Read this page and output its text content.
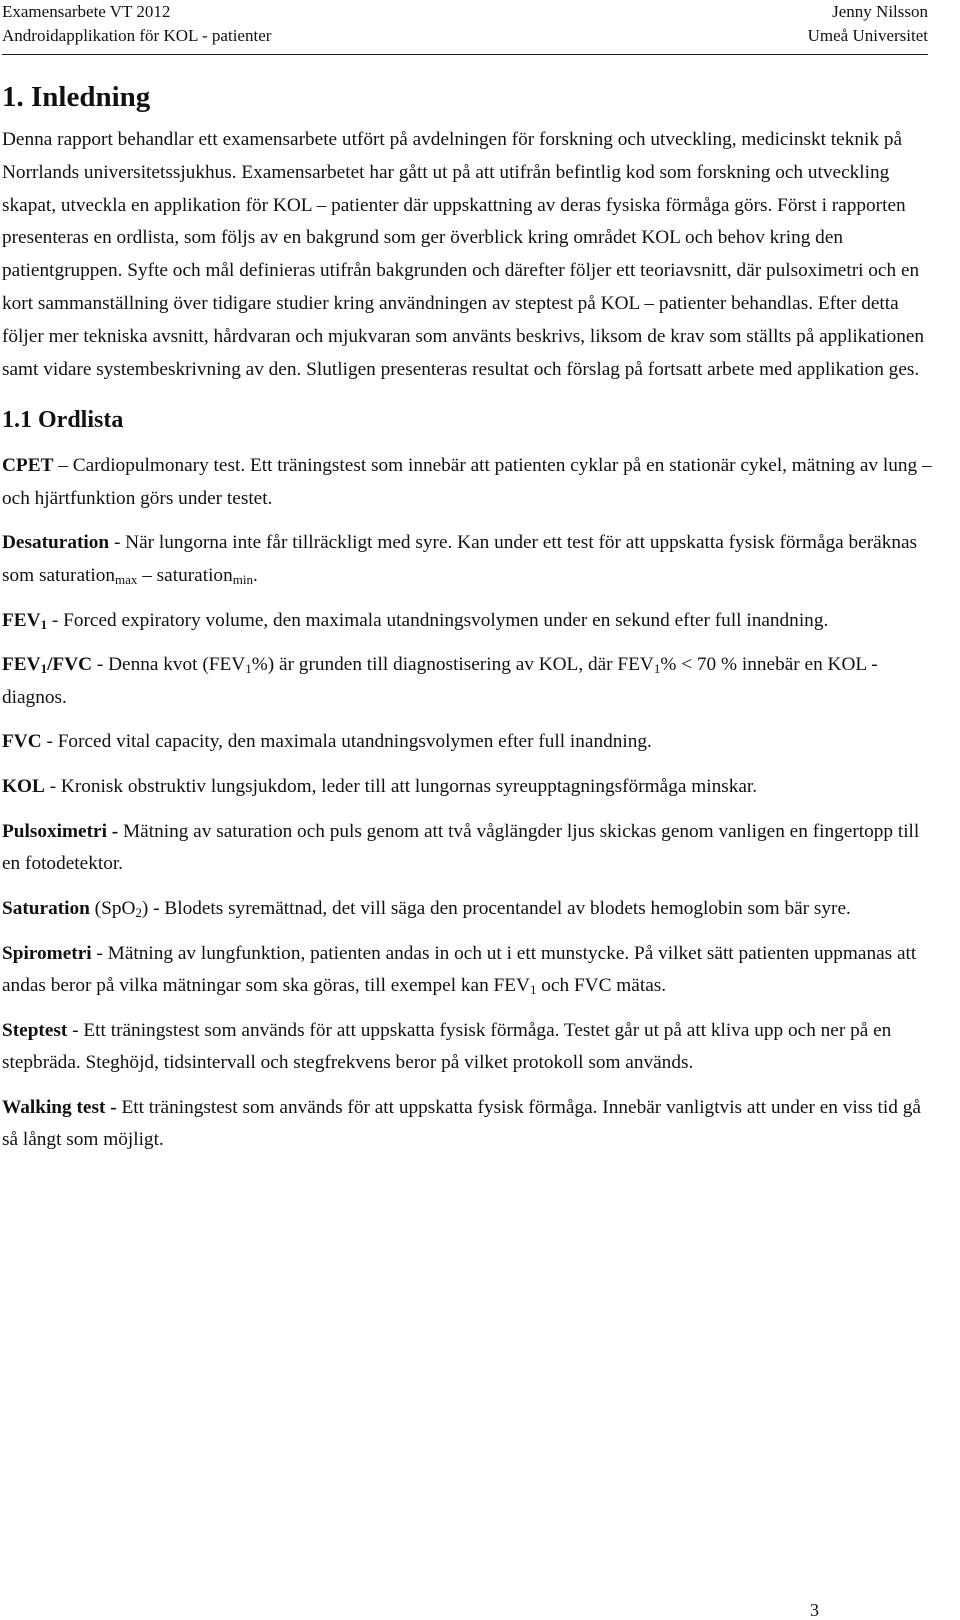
Examensarbete VT 2012	Jenny Nilsson
Androidapplikation för KOL - patienter	Umeå Universitet
1. Inledning

Denna rapport behandlar ett examensarbete utfört på avdelningen för forskning och utveckling, medicinskt teknik på Norrlands universitetssjukhus. Examensarbetet har gått ut på att utifrån befintlig kod som forskning och utveckling skapat, utveckla en applikation för KOL – patienter där uppskattning av deras fysiska förmåga görs. Först i rapporten presenteras en ordlista, som följs av en bakgrund som ger överblick kring området KOL och behov kring den patientgruppen. Syfte och mål definieras utifrån bakgrunden och därefter följer ett teoriavsnitt, där pulsoximetri och en kort sammanställning över tidigare studier kring användningen av steptest på KOL – patienter behandlas. Efter detta följer mer tekniska avsnitt, hårdvaran och mjukvaran som använts beskrivs, liksom de krav som ställts på applikationen samt vidare systembeskrivning av den. Slutligen presenteras resultat och förslag på fortsatt arbete med applikation ges.

1.1 Ordlista

CPET – Cardiopulmonary test. Ett träningstest som innebär att patienten cyklar på en stationär cykel, mätning av lung – och hjärtfunktion görs under testet.

Desaturation - När lungorna inte får tillräckligt med syre. Kan under ett test för att uppskatta fysisk förmåga beräknas som saturation$_{max}$ – saturation$_{min}$.

$FEV_1$ - Forced expiratory volume, den maximala utandningsvolymen under en sekund efter full inandning.

$FEV_1$/FVC - Denna kvot $(FEV_1\%)$ är grunden till diagnostisering av KOL, där $FEV_1\% < 70$ % innebär en KOL - diagnos.

FVC - Forced vital capacity, den maximala utandningsvolymen efter full inandning.

KOL - Kronisk obstruktiv lungsjukdom, leder till att lungornas syreupptagningsförmåga minskar.

Pulsoximetri - Mätning av saturation och puls genom att två våglängder ljus skickas genom vanligen en fingertopp till en fotodetektor.

Saturation (SpO$_2$) - Blodets syremättnad, det vill säga den procentandel av blodets hemoglobin som bär syre.

Spirometri - Mätning av lungfunktion, patienten andas in och ut i ett munstycke. På vilket sätt patienten uppmanas att andas beror på vilka mätningar som ska göras, till exempel kan $FEV_1$ och FVC mätas.

Steptest - Ett träningstest som används för att uppskatta fysisk förmåga. Testet går ut på att kliva upp och ner på en stepbräda. Steghöjd, tidsintervall och stegfrekvens beror på vilket protokoll som används.

Walking test - Ett träningstest som används för att uppskatta fysisk förmåga. Innebär vanligtvis att under en viss tid gå så långt som möjligt.

3
